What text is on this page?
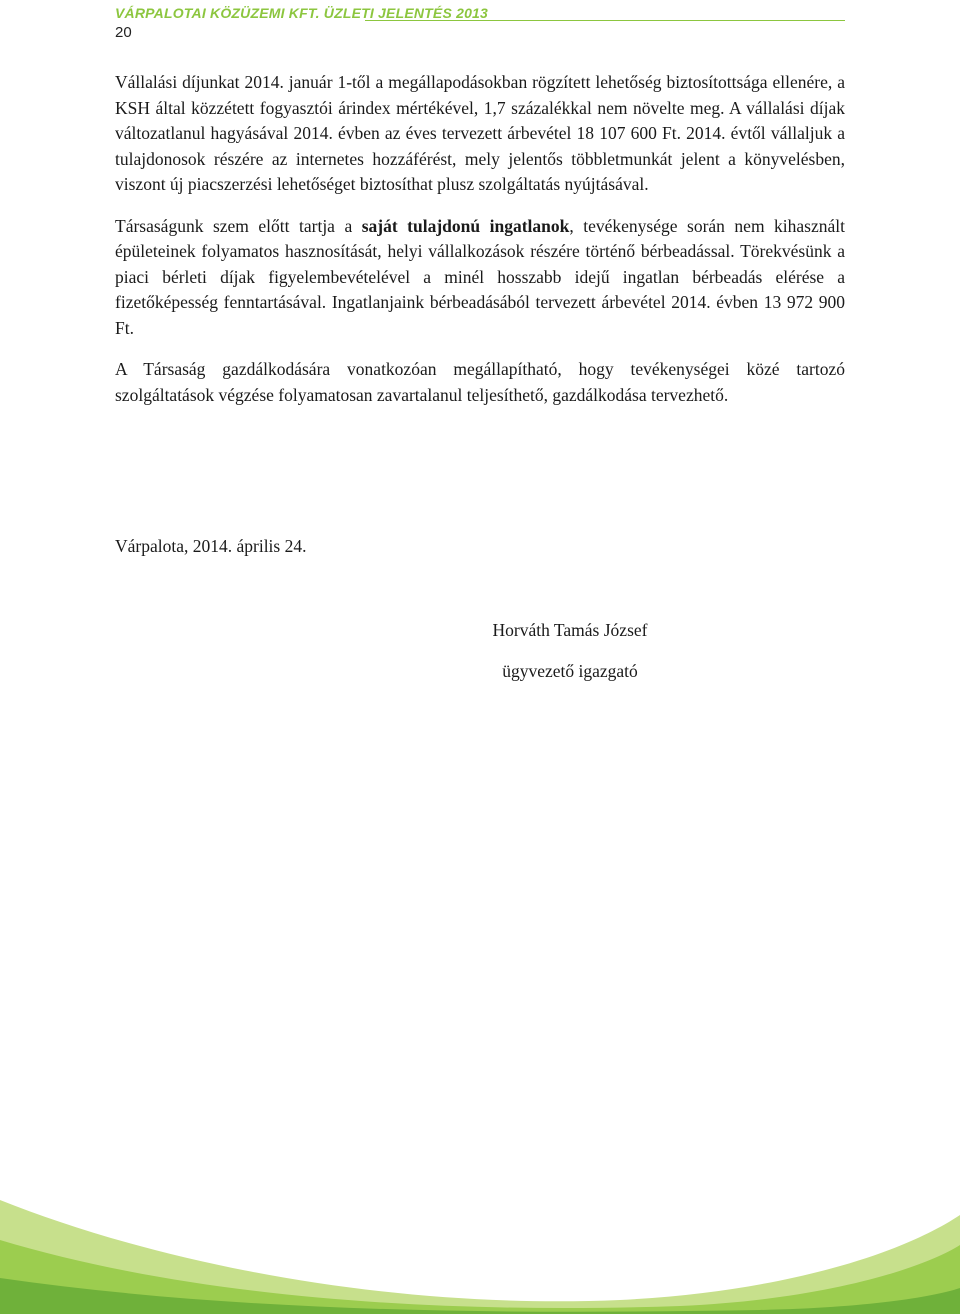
VÁRPALOTAI KÖZÜZEMI KFT. ÜZLETI JELENTÉS 2013
20

Vállalási díjunkat 2014. január 1-től a megállapodásokban rögzített lehetőség biztosítottsága ellenére, a KSH által közzétett fogyasztói árindex mértékével, 1,7 százalékkal nem növelte meg. A vállalási díjak változatlanul hagyásával 2014. évben az éves tervezett árbevétel 18 107 600 Ft. 2014. évtől vállaljuk a tulajdonosok részére az internetes hozzáférést, mely jelentős többletmunkát jelent a könyvelésben, viszont új piacszerzési lehetőséget biztosíthat plusz szolgáltatás nyújtásával.

Társaságunk szem előtt tartja a saját tulajdonú ingatlanok, tevékenysége során nem kihasznált épületeinek folyamatos hasznosítását, helyi vállalkozások részére történő bérbeadással. Törekvésünk a piaci bérleti díjak figyelembevételével a minél hosszabb idejű ingatlan bérbeadás elérése a fizetőképesség fenntartásával. Ingatlanjaink bérbeadásából tervezett árbevétel 2014. évben 13 972 900 Ft.

A Társaság gazdálkodására vonatkozóan megállapítható, hogy tevékenységei közé tartozó szolgáltatások végzése folyamatosan zavartalanul teljesíthető, gazdálkodása tervezhető.

Várpalota, 2014. április 24.
Horváth Tamás József
ügyvezető igazgató
